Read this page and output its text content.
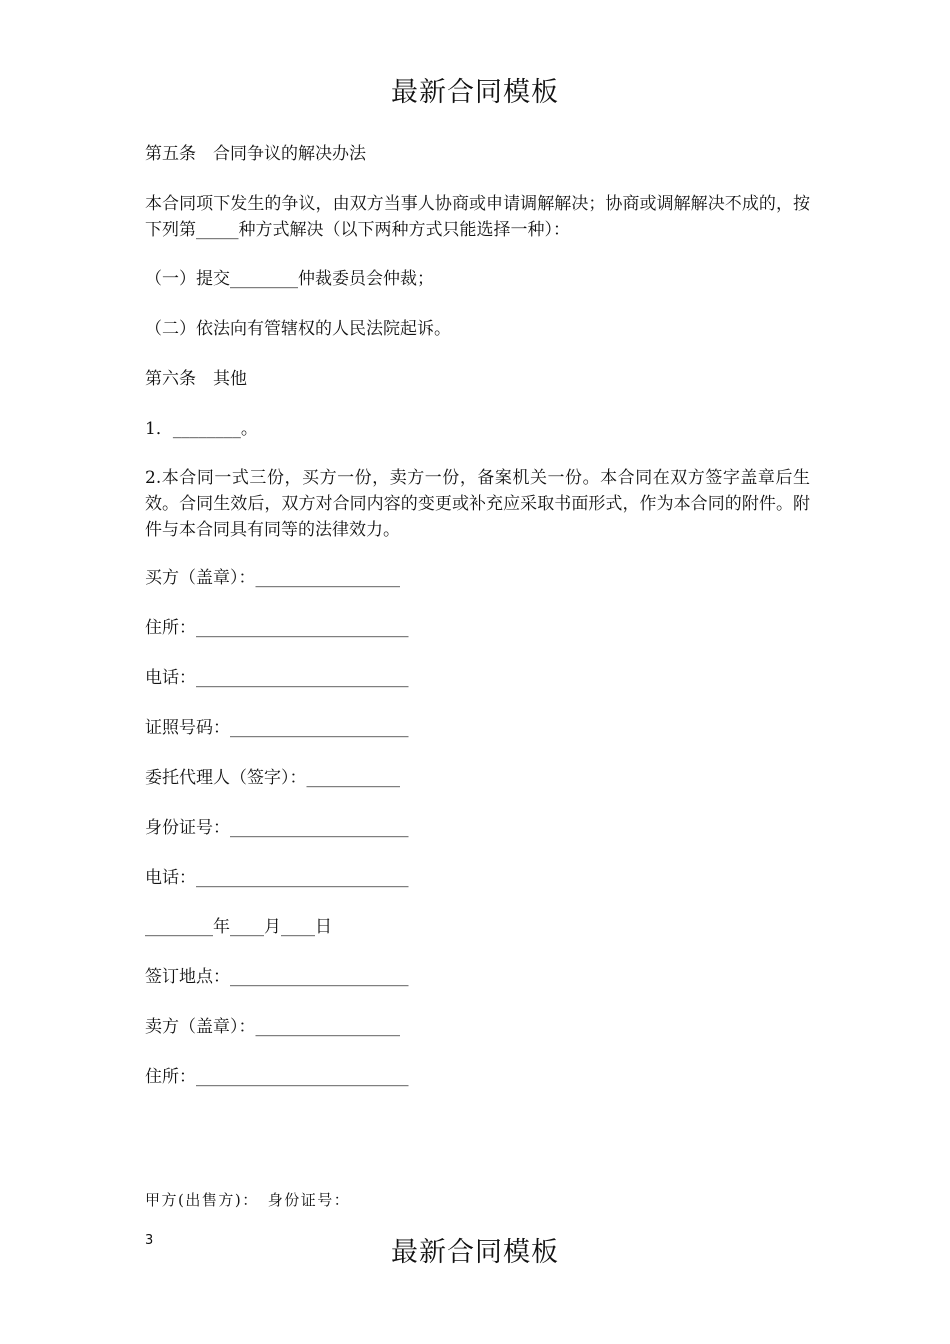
最新合同模板
第五条　合同争议的解决办法
本合同项下发生的争议，由双方当事人协商或申请调解解决；协商或调解解决不成的，按下列第_____种方式解决（以下两种方式只能选择一种）：
（一）提交________仲裁委员会仲裁；
（二）依法向有管辖权的人民法院起诉。
第六条　其他
1．________。
2.本合同一式三份，买方一份，卖方一份，备案机关一份。本合同在双方签字盖章后生效。合同生效后，双方对合同内容的变更或补充应采取书面形式，作为本合同的附件。附件与本合同具有同等的法律效力。
买方（盖章）：_________________
住所：_________________________
电话：_________________________
证照号码：_____________________
委托代理人（签字）：___________
身份证号：_____________________
电话：_________________________
________年____月____日
签订地点：_____________________
卖方（盖章）：_________________
住所：_________________________
甲方(出售方)：　身份证号：
3	最新合同模板
